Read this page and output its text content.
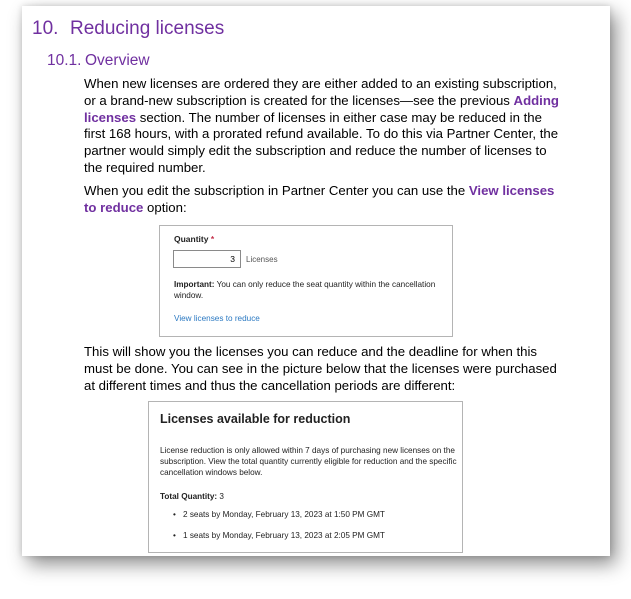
10. Reducing licenses
10.1. Overview
When new licenses are ordered they are either added to an existing subscription, or a brand-new subscription is created for the licenses—see the previous Adding licenses section. The number of licenses in either case may be reduced in the first 168 hours, with a prorated refund available. To do this via Partner Center, the partner would simply edit the subscription and reduce the number of licenses to the required number.
When you edit the subscription in Partner Center you can use the View licenses to reduce option:
Quantity *
3	Licenses
Important: You can only reduce the seat quantity within the cancellation window.
View licenses to reduce
This will show you the licenses you can reduce and the deadline for when this must be done. You can see in the picture below that the licenses were purchased at different times and thus the cancellation periods are different:
Licenses available for reduction
License reduction is only allowed within 7 days of purchasing new licenses on the subscription. View the total quantity currently eligible for reduction and the specific cancellation windows below.
Total Quantity: 3
• 2 seats by Monday, February 13, 2023 at 1:50 PM GMT
• 1 seats by Monday, February 13, 2023 at 2:05 PM GMT
